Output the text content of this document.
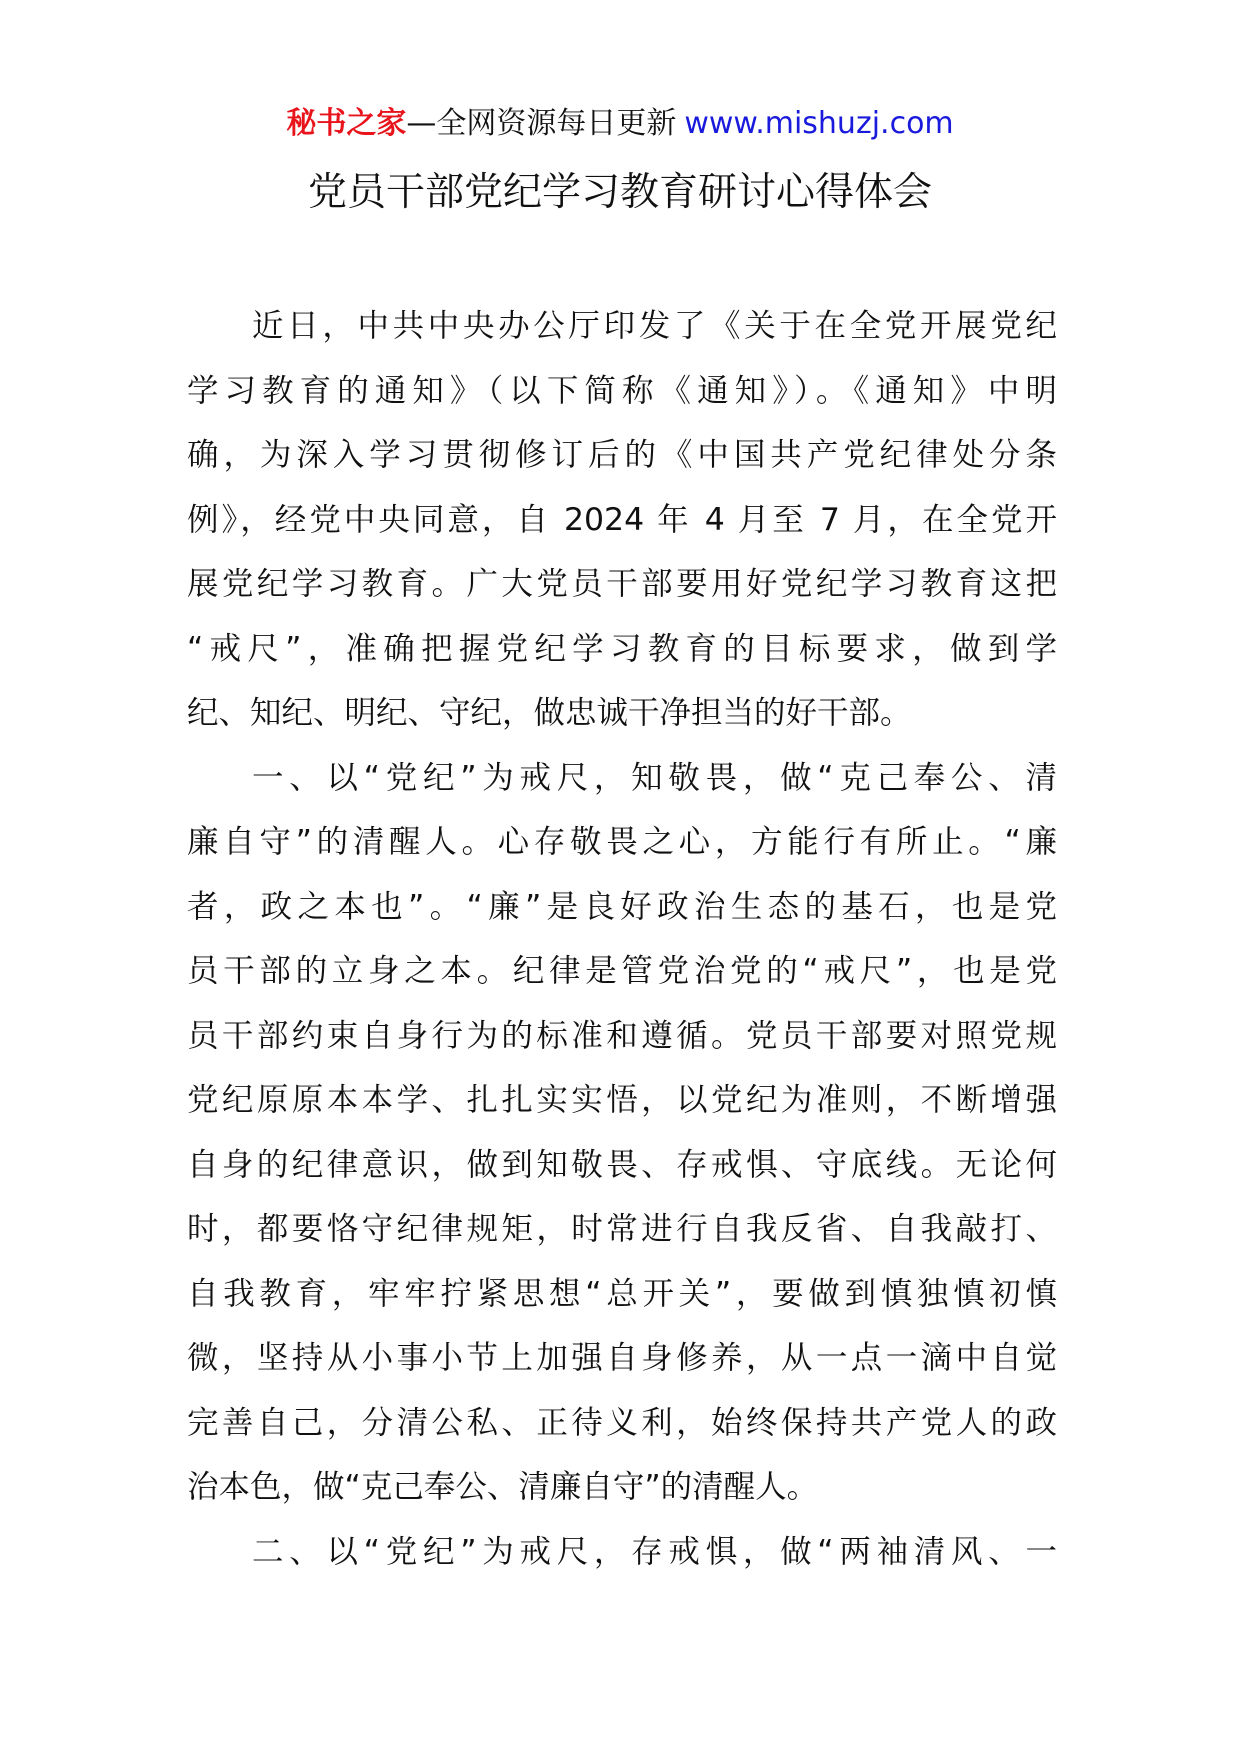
秘书之家—全网资源每日更新 www.mishuzj.com
党员干部党纪学习教育研讨心得体会
近日，中共中央办公厅印发了《关于在全党开展党纪
学习教育的通知》（以下简称《通知》）。《通知》中明
确，为深入学习贯彻修订后的《中国共产党纪律处分条
例》，经党中央同意，自 2024 年 4 月至 7 月，在全党开
展党纪学习教育。广大党员干部要用好党纪学习教育这把
“戒尺”，准确把握党纪学习教育的目标要求，做到学
纪、知纪、明纪、守纪，做忠诚干净担当的好干部。
一、以“党纪”为戒尺，知敬畏，做“克己奉公、清
廉自守”的清醒人。心存敬畏之心，方能行有所止。“廉
者，政之本也”。“廉”是良好政治生态的基石，也是党
员干部的立身之本。纪律是管党治党的“戒尺”，也是党
员干部约束自身行为的标准和遵循。党员干部要对照党规
党纪原原本本学、扎扎实实悟，以党纪为准则，不断增强
自身的纪律意识，做到知敬畏、存戒惧、守底线。无论何
时，都要恪守纪律规矩，时常进行自我反省、自我敲打、
自我教育，牢牢拧紧思想“总开关”，要做到慎独慎初慎
微，坚持从小事小节上加强自身修养，从一点一滴中自觉
完善自己，分清公私、正待义利，始终保持共产党人的政
治本色，做“克己奉公、清廉自守”的清醒人。
二、以“党纪”为戒尺，存戒惧，做“两袖清风、一
